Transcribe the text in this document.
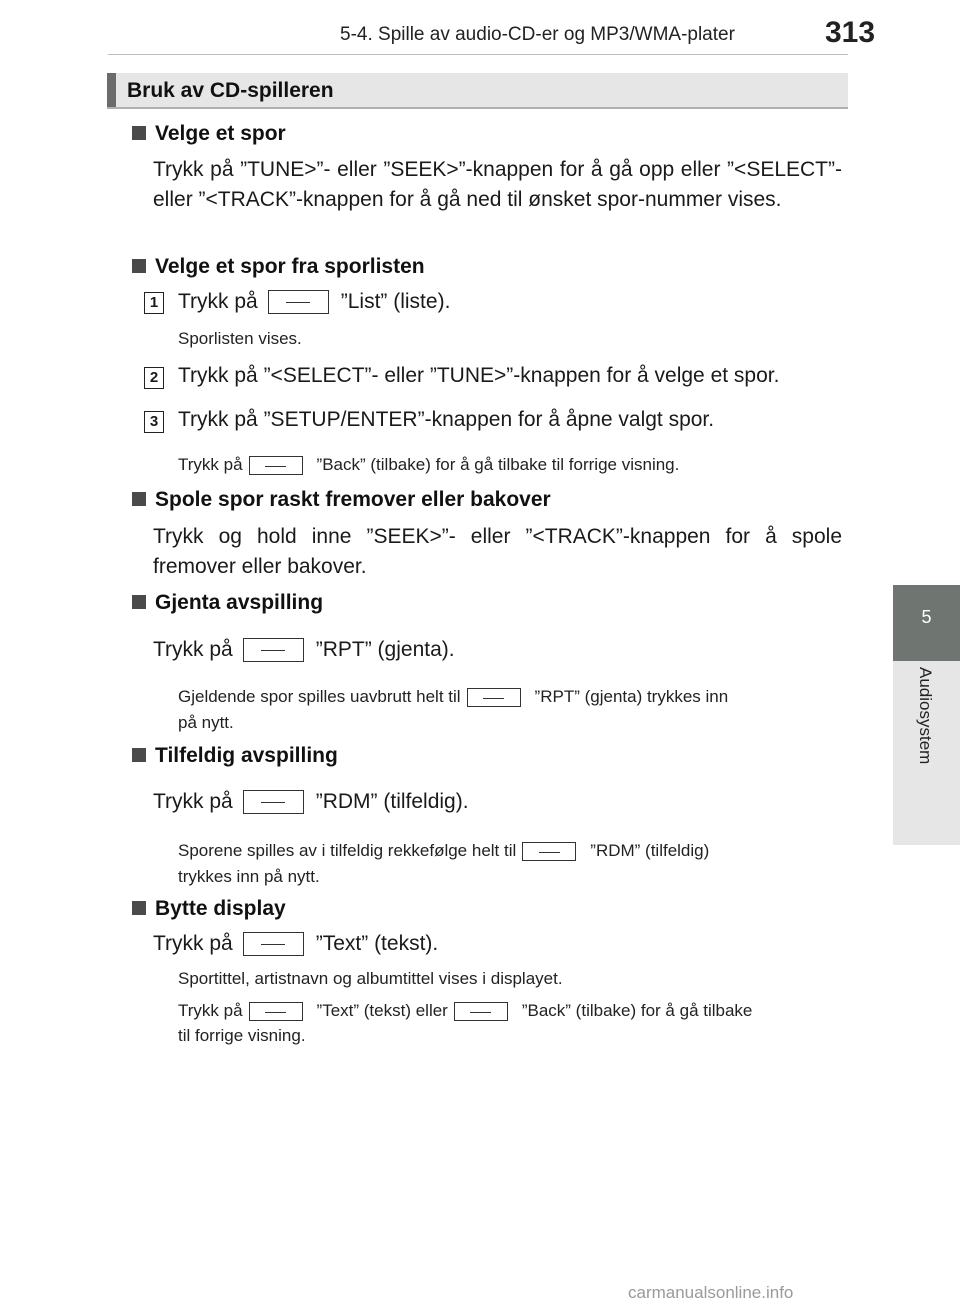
5-4. Spille av audio-CD-er og MP3/WMA-plater	313
Bruk av CD-spilleren
5
Audiosystem
Velge et spor
Trykk på ”TUNE>”- eller ”SEEK>”-knappen for å gå opp eller ”<SELECT”- eller ”<TRACK”-knappen for å gå ned til ønsket spor-nummer vises.
Velge et spor fra sporlisten
1 Trykk på	”List” (liste).
Sporlisten vises.
2 Trykk på ”<SELECT”- eller ”TUNE>”-knappen for å velge et spor.
3 Trykk på ”SETUP/ENTER”-knappen for å åpne valgt spor.
Trykk på	”Back” (tilbake) for å gå tilbake til forrige visning.
Spole spor raskt fremover eller bakover
Trykk og hold inne ”SEEK>”- eller ”<TRACK”-knappen for å spole fremover eller bakover.
Gjenta avspilling
Trykk på	”RPT” (gjenta).
Gjeldende spor spilles uavbrutt helt til	”RPT” (gjenta) trykkes inn
på nytt.
Tilfeldig avspilling
Trykk på	”RDM” (tilfeldig).
Sporene spilles av i tilfeldig rekkefølge helt til	”RDM” (tilfeldig)
trykkes inn på nytt.
Bytte display
Trykk på	”Text” (tekst).
Sportittel, artistnavn og albumtittel vises i displayet.
Trykk på	”Text” (tekst) eller	”Back” (tilbake) for å gå tilbake
til forrige visning.
carmanualsonline.info
